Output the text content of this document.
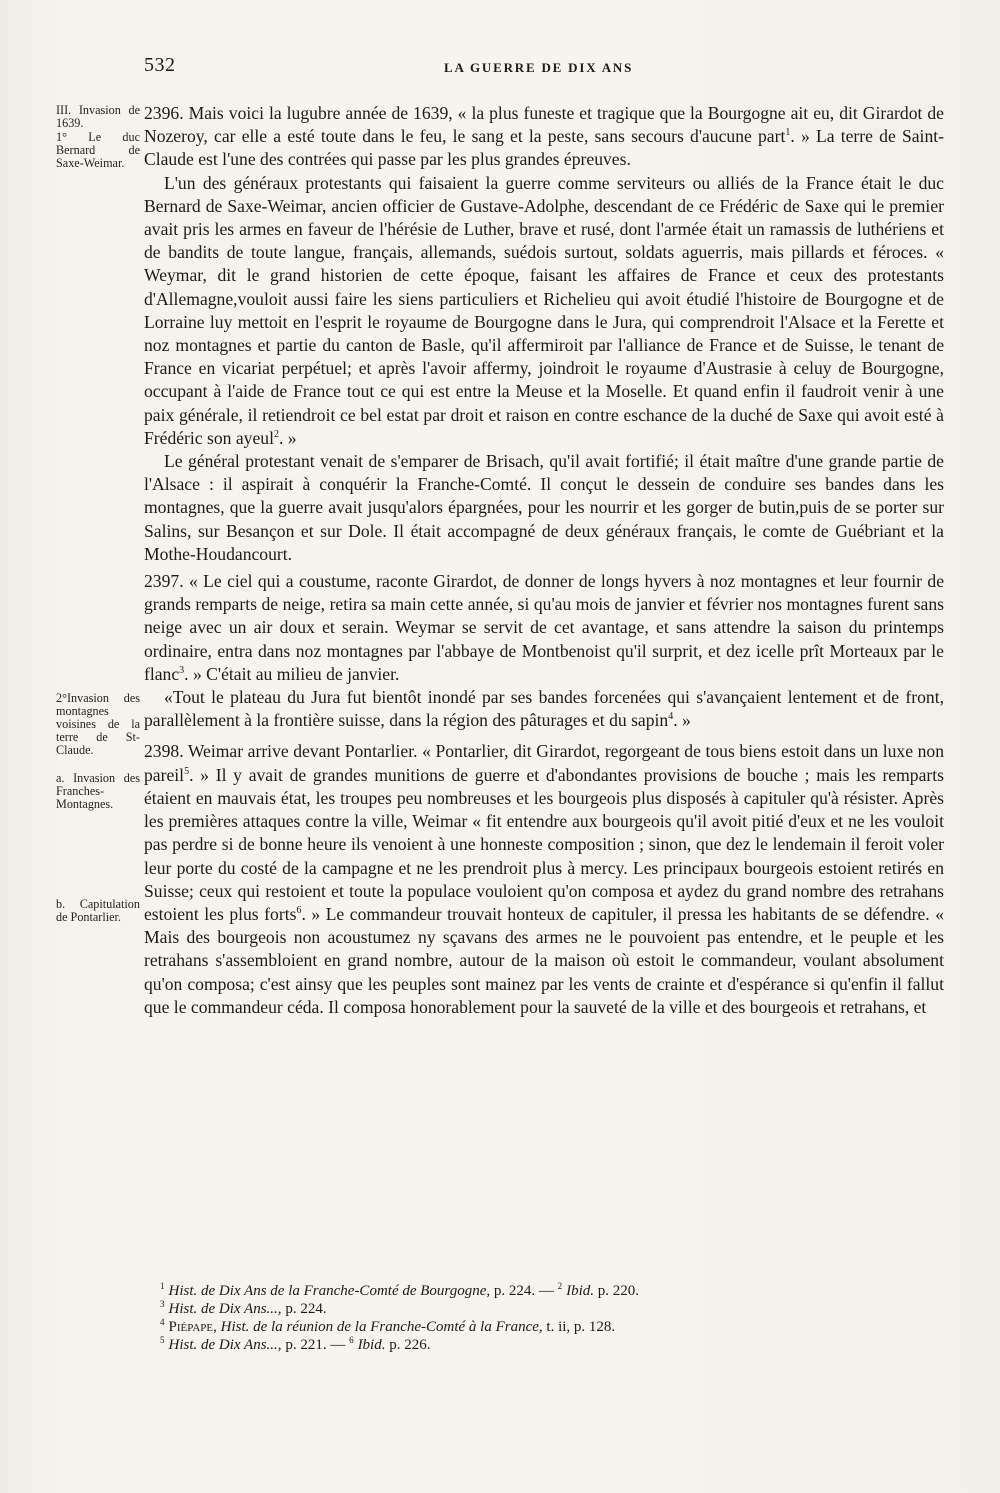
532	LA GUERRE DE DIX ANS

III. Invasion de 1639.

1° Le duc Bernard de Saxe-Weimar.

2°Invasion des montagnes voisines de la terre de St-Claude.

a. Invasion des Franches-Montagnes.

b. Capitulation de Pontarlier.

2396. Mais voici la lugubre année de 1639, « la plus funeste et tragique que la Bourgogne ait eu, dit Girardot de Nozeroy, car elle a esté toute dans le feu, le sang et la peste, sans secours d'aucune part$^1$. » La terre de Saint-Claude est l'une des contrées qui passe par les plus grandes épreuves.

L'un des généraux protestants qui faisaient la guerre comme serviteurs ou alliés de la France était le duc Bernard de Saxe-Weimar, ancien officier de Gustave-Adolphe, descendant de ce Frédéric de Saxe qui le premier avait pris les armes en faveur de l'hérésie de Luther, brave et rusé, dont l'armée était un ramassis de luthériens et de bandits de toute langue, français, allemands, suédois surtout, soldats aguerris, mais pillards et féroces. « Weymar, dit le grand historien de cette époque, faisant les affaires de France et ceux des protestants d'Allemagne,vouloit aussi faire les siens particuliers et Richelieu qui avoit étudié l'histoire de Bourgogne et de Lorraine luy mettoit en l'esprit le royaume de Bourgogne dans le Jura, qui comprendroit l'Alsace et la Ferette et noz montagnes et partie du canton de Basle, qu'il affermiroit par l'alliance de France et de Suisse, le tenant de France en vicariat perpétuel; et après l'avoir affermy, joindroit le royaume d'Austrasie à celuy de Bourgogne, occupant à l'aide de France tout ce qui est entre la Meuse et la Moselle. Et quand enfin il faudroit venir à une paix générale, il retiendroit ce bel estat par droit et raison en contre eschance de la duché de Saxe qui avoit esté à Frédéric son ayeul$^2$. »

Le général protestant venait de s'emparer de Brisach, qu'il avait fortifié; il était maître d'une grande partie de l'Alsace : il aspirait à conquérir la Franche-Comté. Il conçut le dessein de conduire ses bandes dans les montagnes, que la guerre avait jusqu'alors épargnées, pour les nourrir et les gorger de butin,puis de se porter sur Salins, sur Besançon et sur Dole. Il était accompagné de deux généraux français, le comte de Guébriant et la Mothe-Houdancourt.

2397. « Le ciel qui a coustume, raconte Girardot, de donner de longs hyvers à noz montagnes et leur fournir de grands remparts de neige, retira sa main cette année, si qu'au mois de janvier et février nos montagnes furent sans neige avec un air doux et serain. Weymar se servit de cet avantage, et sans attendre la saison du printemps ordinaire, entra dans noz montagnes par l'abbaye de Montbenoist qu'il surprit, et dez icelle prît Morteaux par le flanc$^3$. » C'était au milieu de janvier.

«Tout le plateau du Jura fut bientôt inondé par ses bandes forcenées qui s'avançaient lentement et de front, parallèlement à la frontière suisse, dans la région des pâturages et du sapin$^4$. »

2398. Weimar arrive devant Pontarlier. « Pontarlier, dit Girardot, regorgeant de tous biens estoit dans un luxe non pareil$^5$. » Il y avait de grandes munitions de guerre et d'abondantes provisions de bouche ; mais les remparts étaient en mauvais état, les troupes peu nombreuses et les bourgeois plus disposés à capituler qu'à résister. Après les premières attaques contre la ville, Weimar « fit entendre aux bourgeois qu'il avoit pitié d'eux et ne les vouloit pas perdre si de bonne heure ils venoient à une honneste composition ; sinon, que dez le lendemain il feroit voler leur porte du costé de la campagne et ne les prendroit plus à mercy. Les principaux bourgeois estoient retirés en Suisse; ceux qui restoient et toute la populace vouloient qu'on composa et aydez du grand nombre des retrahans estoient les plus forts$^6$. » Le commandeur trouvait honteux de capituler, il pressa les habitants de se défendre. « Mais des bourgeois non acoustumez ny sçavans des armes ne le pouvoient pas entendre, et le peuple et les retrahans s'assembloient en grand nombre, autour de la maison où estoit le commandeur, voulant absolument qu'on composa; c'est ainsy que les peuples sont mainez par les vents de crainte et d'espérance si qu'enfin il fallut que le commandeur céda. Il composa honorablement pour la sauveté de la ville et des bourgeois et retrahans, et

$^1$ Hist. de Dix Ans de la Franche-Comté de Bourgogne, p. 224. — $^2$ Ibid. p. 220.

$^3$ Hist. de Dix Ans..., p. 224.

$^4$ Piépape, Hist. de la réunion de la Franche-Comté à la France, t. ii, p. 128.

$^5$ Hist. de Dix Ans..., p. 221. — $^6$ Ibid. p. 226.
